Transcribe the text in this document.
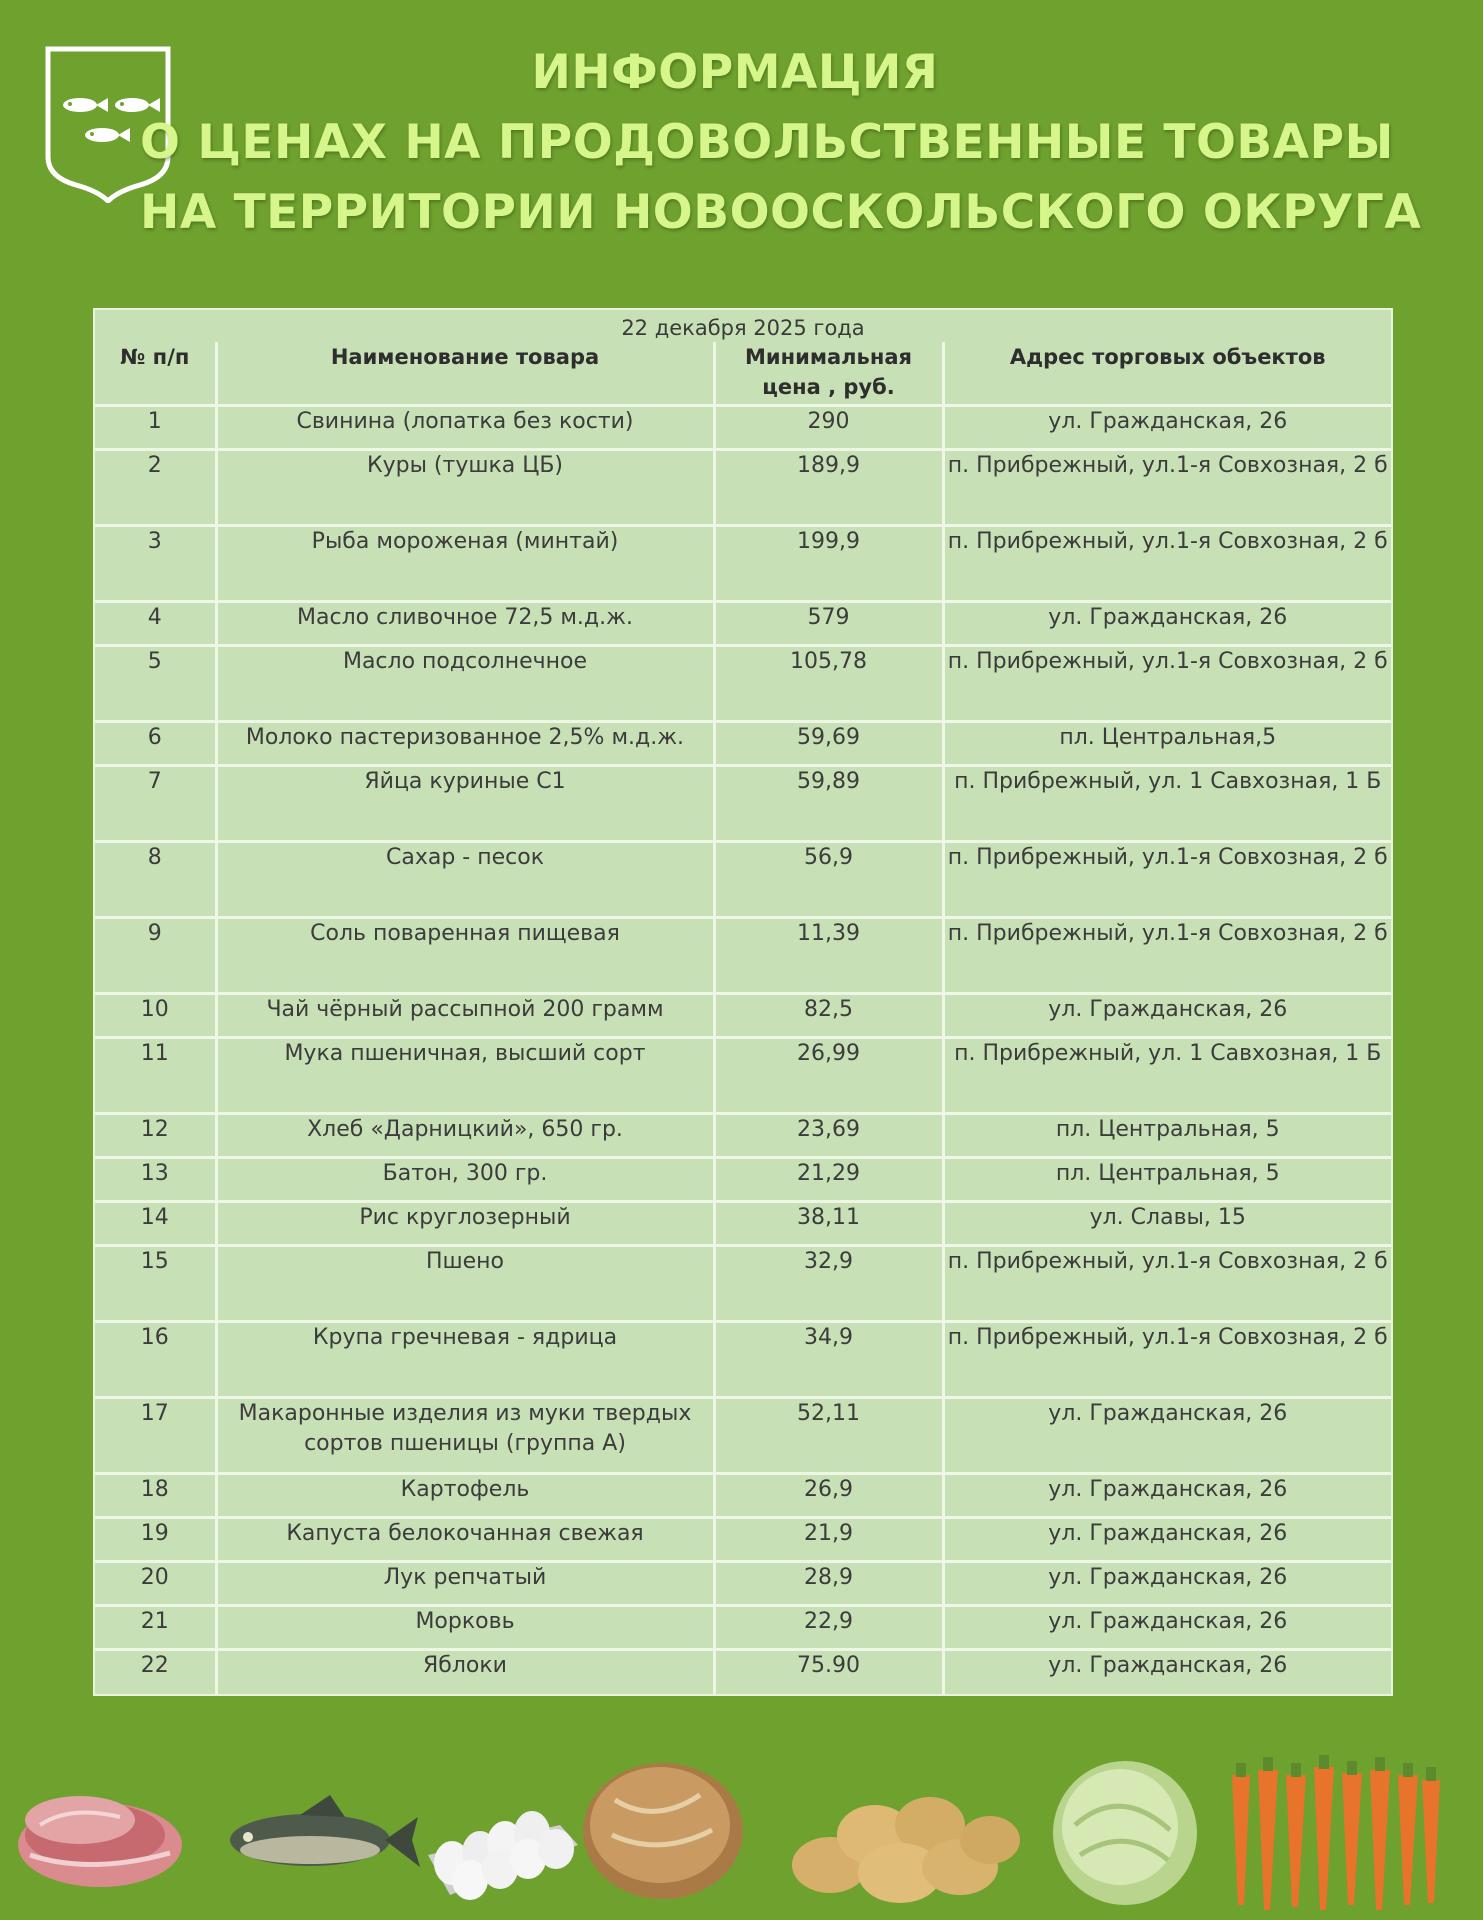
ИНФОРМАЦИЯ
О ЦЕНАХ НА ПРОДОВОЛЬСТВЕННЫЕ ТОВАРЫ
НА ТЕРРИТОРИИ НОВООСКОЛЬСКОГО ОКРУГА
22 декабря 2025 года
№ п/п	Наименование товара	Минимальная цена , руб.	Адрес торговых объектов
1	Свинина (лопатка без кости)	290	ул. Гражданская, 26
2	Куры (тушка ЦБ)	189,9	п. Прибрежный, ул.1-я Совхозная, 2 б
3	Рыба мороженая (минтай)	199,9	п. Прибрежный, ул.1-я Совхозная, 2 б
4	Масло сливочное 72,5 м.д.ж.	579	ул. Гражданская, 26
5	Масло подсолнечное	105,78	п. Прибрежный, ул.1-я Совхозная, 2 б
6	Молоко пастеризованное 2,5% м.д.ж.	59,69	пл. Центральная,5
7	Яйца куриные С1	59,89	п. Прибрежный, ул. 1 Савхозная, 1 Б
8	Сахар - песок	56,9	п. Прибрежный, ул.1-я Совхозная, 2 б
9	Соль поваренная пищевая	11,39	п. Прибрежный, ул.1-я Совхозная, 2 б
10	Чай чёрный рассыпной 200 грамм	82,5	ул. Гражданская, 26
11	Мука пшеничная, высший сорт	26,99	п. Прибрежный, ул. 1 Савхозная, 1 Б
12	Хлеб «Дарницкий», 650 гр.	23,69	пл. Центральная, 5
13	Батон, 300 гр.	21,29	пл. Центральная, 5
14	Рис круглозерный	38,11	ул. Славы, 15
15	Пшено	32,9	п. Прибрежный, ул.1-я Совхозная, 2 б
16	Крупа гречневая - ядрица	34,9	п. Прибрежный, ул.1-я Совхозная, 2 б
17	Макаронные изделия из муки твердых сортов пшеницы (группа А)	52,11	ул. Гражданская, 26
18	Картофель	26,9	ул. Гражданская, 26
19	Капуста белокочанная свежая	21,9	ул. Гражданская, 26
20	Лук репчатый	28,9	ул. Гражданская, 26
21	Морковь	22,9	ул. Гражданская, 26
22	Яблоки	75.90	ул. Гражданская, 26
